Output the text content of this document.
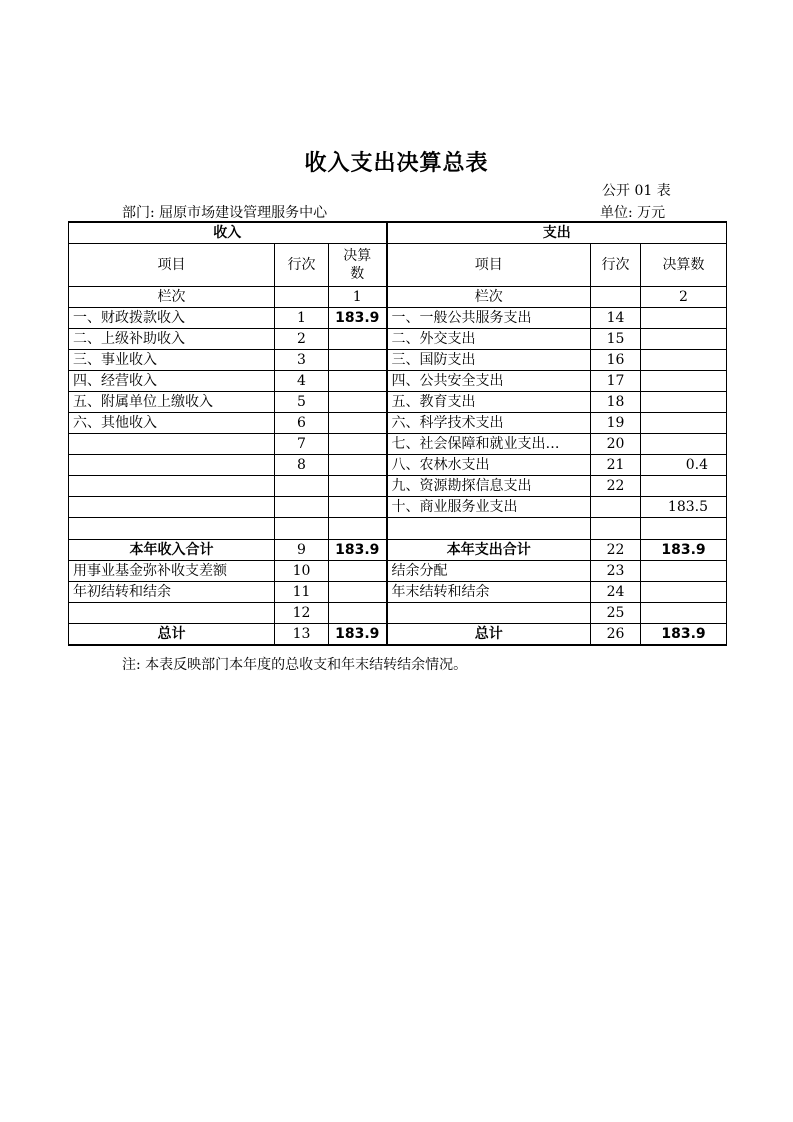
收入支出决算总表
公开 01 表
部门: 屈原市场建设管理服务中心	单位: 万元
收入			支出		
项目	行次	决算
数	项目	行次	决算数
栏次		1	栏次		2
一、财政拨款收入	1	183.9	一、一般公共服务支出	14	
二、上级补助收入	2		二、外交支出	15	
三、事业收入	3		三、国防支出	16	
四、经营收入	4		四、公共安全支出	17	
五、附属单位上缴收入	5		五、教育支出	18	
六、其他收入	6		六、科学技术支出	19	
	7		七、社会保障和就业支出…	20	
	8		八、农林水支出	21	0.4
			九、资源勘探信息支出	22	
			十、商业服务业支出		183.5

本年收入合计	9	183.9	本年支出合计	22	183.9
用事业基金弥补收支差额	10		结余分配	23	
年初结转和结余	11		年末结转和结余	24	
	12			25	
总计	13	183.9	总计	26	183.9
注: 本表反映部门本年度的总收支和年末结转结余情况。
